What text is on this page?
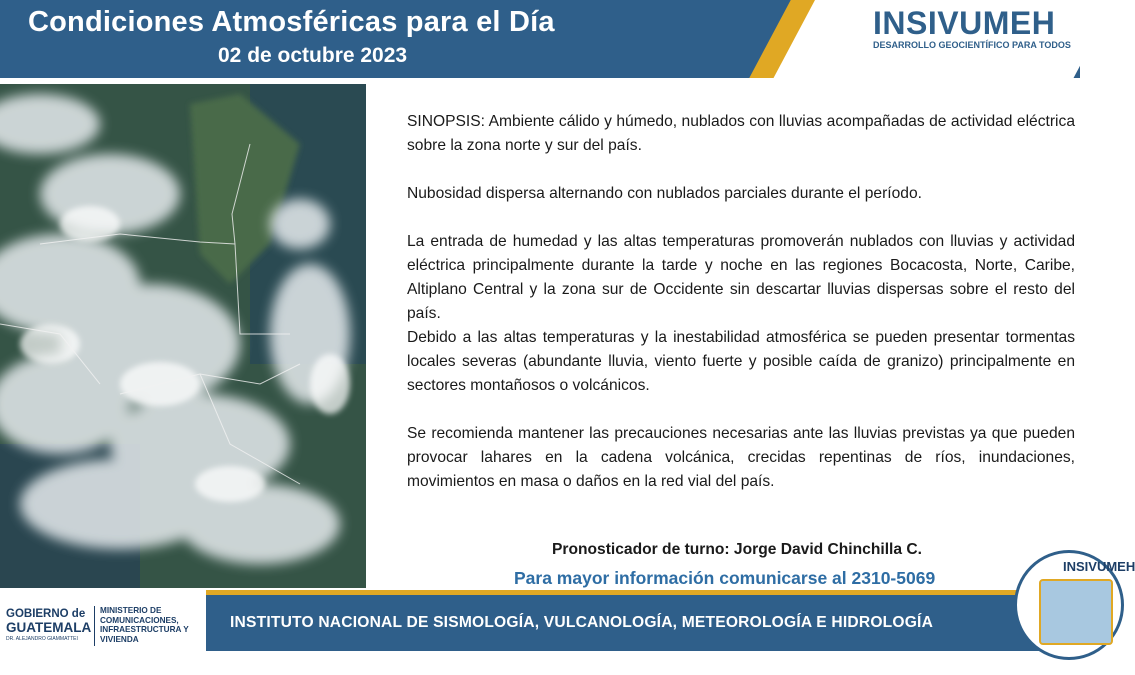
Condiciones Atmosféricas para el Día
02 de octubre 2023
INSIVUMEH
DESARROLLO GEOCIENTÍFICO PARA TODOS

SINOPSIS: Ambiente cálido y húmedo, nublados con lluvias acompañadas de actividad eléctrica sobre la zona norte y sur del país.

Nubosidad dispersa alternando con nublados parciales durante el período.

La entrada de humedad y las altas temperaturas promoverán nublados con lluvias y actividad eléctrica principalmente durante la tarde y noche en las regiones Bocacosta, Norte, Caribe, Altiplano Central y la zona sur de Occidente sin descartar lluvias dispersas sobre el resto del país.

Debido a las altas temperaturas y la inestabilidad atmosférica se pueden presentar tormentas locales severas (abundante lluvia, viento fuerte y posible caída de granizo) principalmente en sectores montañosos o volcánicos.

Se recomienda mantener las precauciones necesarias ante las lluvias previstas ya que pueden provocar lahares en la cadena volcánica, crecidas repentinas de ríos, inundaciones, movimientos en masa o daños en la red vial del país.

Pronosticador de turno: Jorge David Chinchilla C.
Para mayor información comunicarse al 2310-5069
INSTITUTO NACIONAL DE SISMOLOGÍA, VULCANOLOGÍA, METEOROLOGÍA E HIDROLOGÍA
GOBIERNO de
GUATEMALA
DR. ALEJANDRO GIAMMATTEI
MINISTERIO DE COMUNICACIONES, INFRAESTRUCTURA Y VIVIENDA
INSIVUMEH
